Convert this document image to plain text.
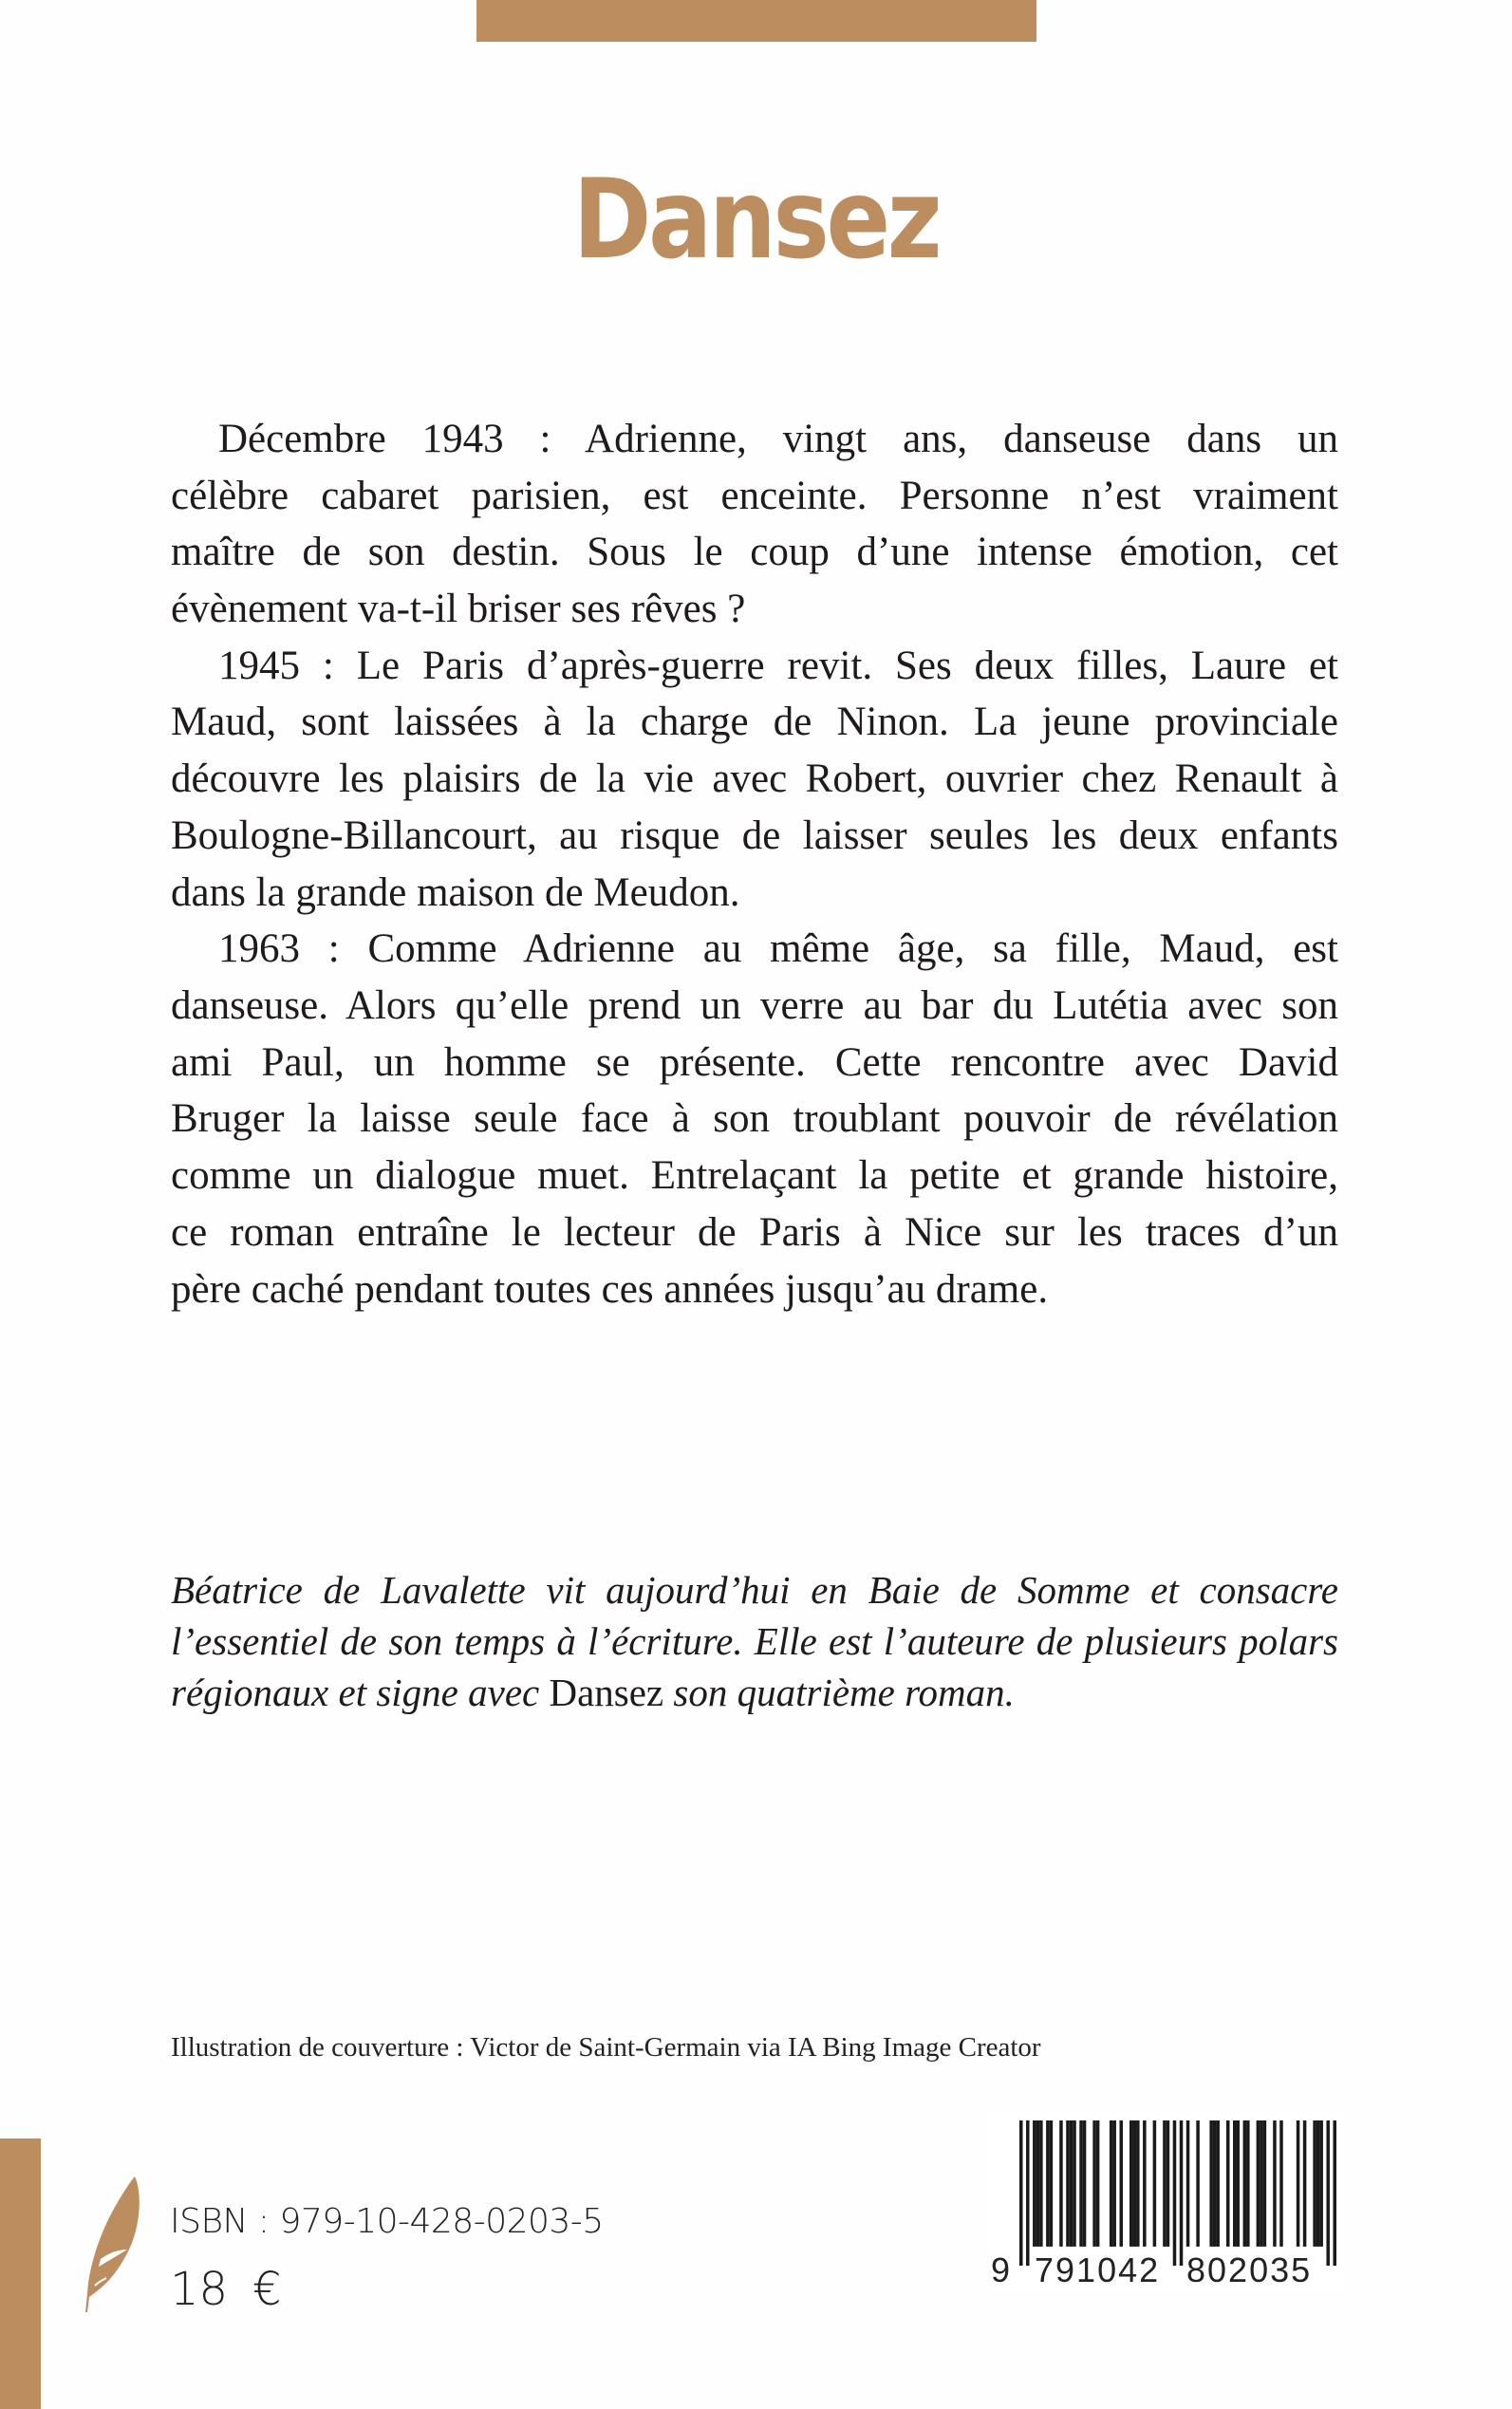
Dansez
Décembre 1943 : Adrienne, vingt ans, danseuse dans un
célèbre cabaret parisien, est enceinte. Personne n’est vraiment
maître de son destin. Sous le coup d’une intense émotion, cet
évènement va-t-il briser ses rêves ?
1945 : Le Paris d’après-guerre revit. Ses deux filles, Laure et
Maud, sont laissées à la charge de Ninon. La jeune provinciale
découvre les plaisirs de la vie avec Robert, ouvrier chez Renault à
Boulogne-Billancourt, au risque de laisser seules les deux enfants
dans la grande maison de Meudon.
1963 : Comme Adrienne au même âge, sa fille, Maud, est
danseuse. Alors qu’elle prend un verre au bar du Lutétia avec son
ami Paul, un homme se présente. Cette rencontre avec David
Bruger la laisse seule face à son troublant pouvoir de révélation
comme un dialogue muet. Entrelaçant la petite et grande histoire,
ce roman entraîne le lecteur de Paris à Nice sur les traces d’un
père caché pendant toutes ces années jusqu’au drame.
Béatrice de Lavalette vit aujourd’hui en Baie de Somme et consacre
l’essentiel de son temps à l’écriture. Elle est l’auteure de plusieurs polars
régionaux et signe avec Dansez son quatrième roman.
Illustration de couverture : Victor de Saint-Germain via IA Bing Image Creator
ISBN : 979-10-428-0203-5
18 €	9 791042 802035
